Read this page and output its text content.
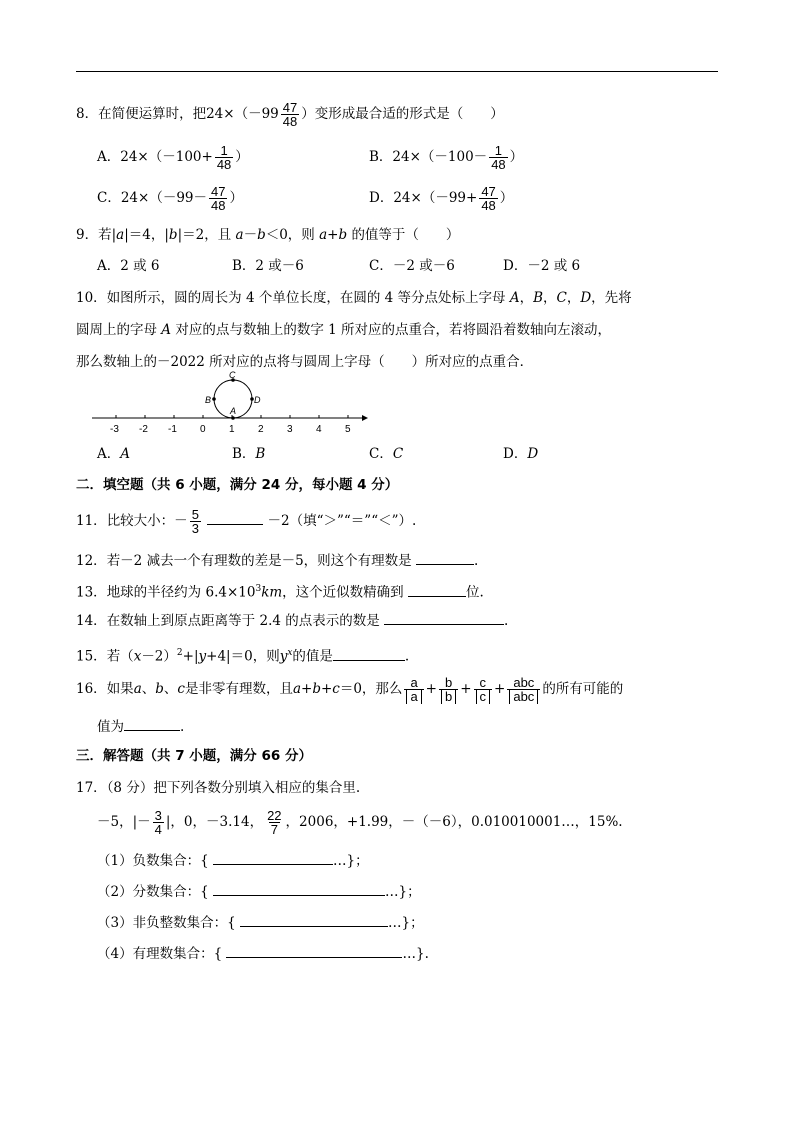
8．在简便运算时，把$24\times(-99 \frac{47}{48}$ ）变形成最合适的形式是（　　）
A．$24\times(-100+ \frac{1}{48}$ ）	B．$24\times(-100- \frac{1}{48}$ ）
C．$24\times(-99- \frac{47}{48}$ ）	D．$24\times(-99+ \frac{47}{48}$ ）
9．若|a|＝4，|b|＝2，且 a－b＜0，则 a+b 的值等于（　　）
A．2 或 6	B．2 或－6	C．－2 或－6	D．－2 或 6
10．如图所示，圆的周长为 4 个单位长度，在圆的 4 等分点处标上字母 A，B，C，D，先将
圆周上的字母 A 对应的点与数轴上的数字 1 所对应的点重合，若将圆沿着数轴向左滚动，
那么数轴上的－2022 所对应的点将与圆周上字母（　　）所对应的点重合．
-3 -2 -1 0 1 2 3 4 5
C
B	D
A
A．A	B．B	C．C	D．D
二．填空题（共 6 小题，满分 24 分，每小题 4 分）
11．比较大小：－ $\frac{5}{3}$	－2（填“＞”“＝”“＜”）.
12．若－2 减去一个有理数的差是－5，则这个有理数是	.
13．地球的半径约为 $6.4\times 10^3km$，这个近似数精确到	位.
14．在数轴上到原点距离等于 2.4 的点表示的数是	.
15．若$(x-2)^2+|y+4|=0$，则$y^x$的值是	.
16．如果a、b、c是非零有理数，且a+b+c＝0，那么 $\frac{a}{a} + \frac{b}{b} + \frac{c}{c} + \frac{\text{abc}}{\text{abc}}$ 的所有可能的
值为	.
三．解答题（共 7 小题，满分 66 分）
17．（8 分）把下列各数分别填入相应的集合里.
－5，|－ $\frac{3}{4}$ |，0，－3.14， $\frac{22}{7}$ ，2006，+1.99，－（－6），0.010010001…，15%.
（1）负数集合：{	…}；
（2）分数集合：{	…}；
（3）非负整数集合：{	…}；
（4）有理数集合：{	…}.
